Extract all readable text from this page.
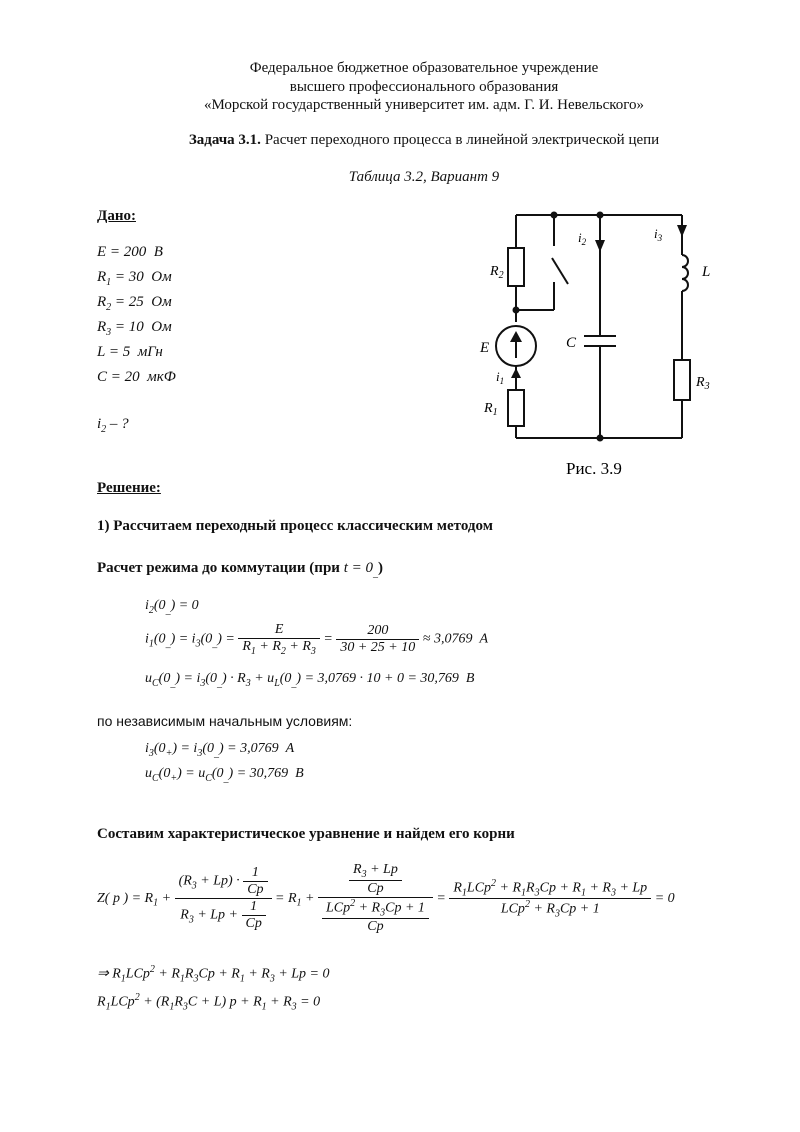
Федеральное бюджетное образовательное учреждение
высшего профессионального образования
«Морской государственный университет им. адм. Г. И. Невельского»
Задача 3.1. Расчет переходного процесса в линейной электрической цепи
Таблица 3.2, Вариант 9
Дано:
E = 200  В
$R_1 = 30$  Ом
$R_2 = 25$  Ом
$R_3 = 10$  Ом
L = 5  мГн
C = 20  мкФ
$i_2$ – ?
$R_2$
E
$i_1$
$R_1$
$i_2$
C
$i_3$
L
$R_3$
Рис. 3.9
Решение:
1) Рассчитаем переходный процесс классическим методом
Расчет режима до коммутации (при $t = 0_{\_}$)
$i_2(0_{\_}) = 0$
$i_1(0_{\_}) = i_3(0_{\_}) = \frac{E}{R_1 + R_2 + R_3} = \frac{200}{30 + 25 + 10} \approx 3,0769$  A
$u_C(0_{\_}) = i_3(0_{\_}) \cdot R_3 + u_L(0_{\_}) = 3,0769 \cdot 10 + 0 = 30,769$  В
по независимым начальным условиям:
$i_3(0_+) = i_3(0_{\_}) = 3,0769$  A
$u_C(0_+) = u_C(0_{\_}) = 30,769$  В
Составим характеристическое уравнение и найдем его корни
Z( p ) = $R_1 + \frac{(R_3 + Lp) \cdot \frac{1}{Cp}}{R_3 + Lp + \frac{1}{Cp}} = R_1 + \frac{\frac{R_3 + Lp}{Cp}}{\frac{LCp^2 + R_3Cp + 1}{Cp}} = \frac{R_1LCp^2 + R_1R_3Cp + R_1 + R_3 + Lp}{LCp^2 + R_3Cp + 1} = 0$
⇒ $R_1LCp^2 + R_1R_3Cp + R_1 + R_3 + Lp = 0$
$R_1LCp^2 + (R_1R_3C + L) p + R_1 + R_3 = 0$
